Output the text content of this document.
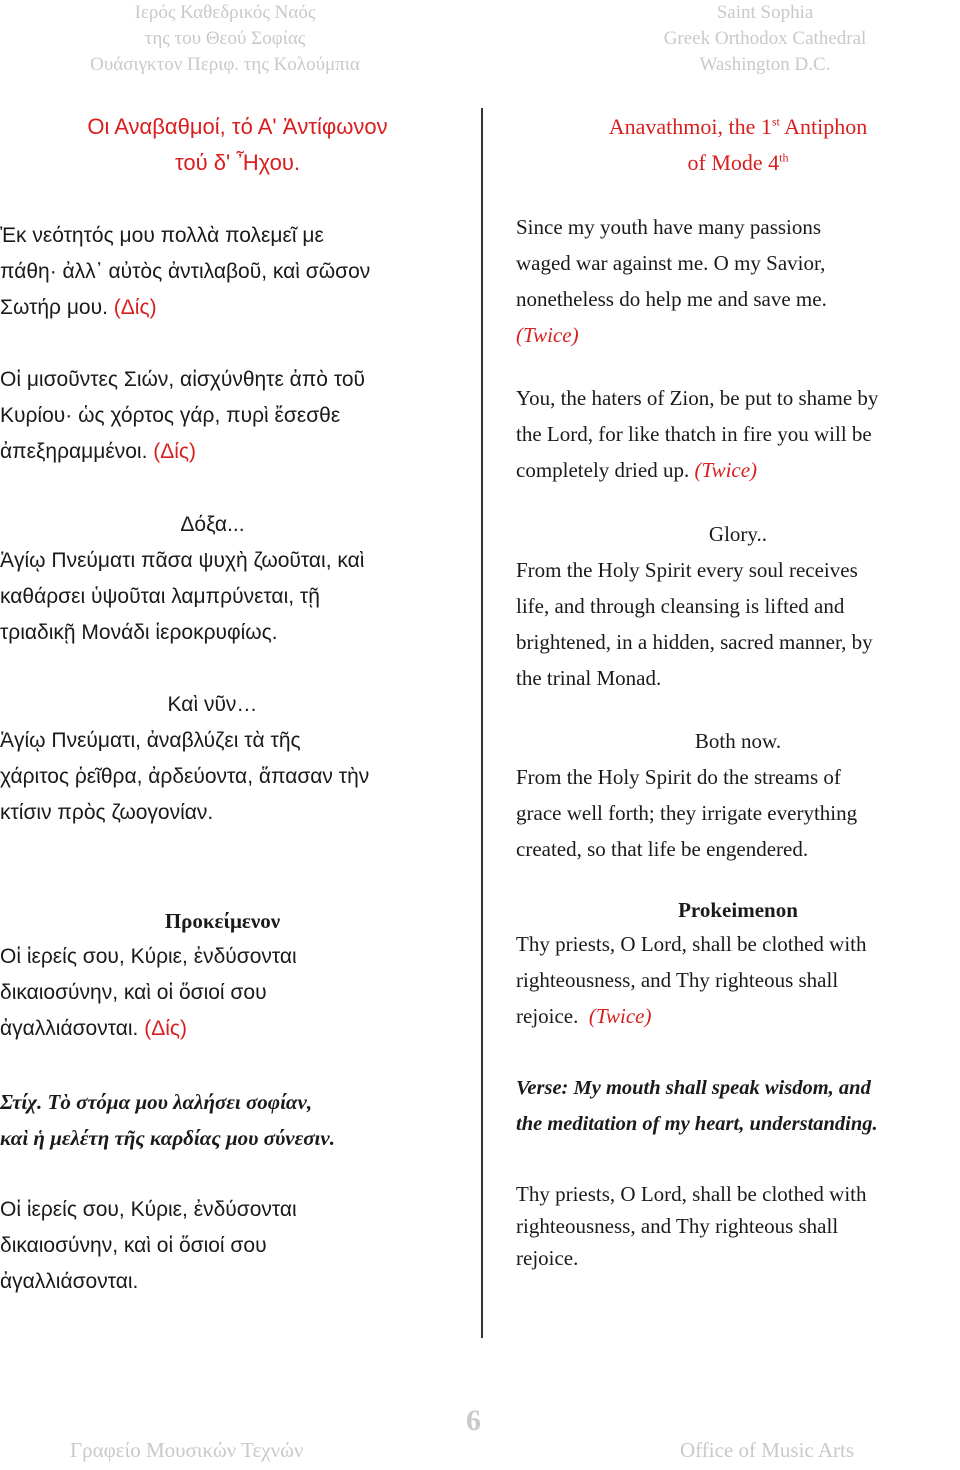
Ιερός Καθεδρικός Ναός
της του Θεού Σοφίας
Ουάσιγκτον Περιφ. της Κολούμπια
Saint Sophia
Greek Orthodox Cathedral
Washington D.C.
Οι Αναβαθμοί, τό Α' Ἀντίφωνον
τού δ' Ἦχου.
Ἐκ νεότητός μου πολλὰ πολεμεῖ με
πάθη· ἀλλ᾽ αὐτὸς ἀντιλαβοῦ, καὶ σῶσον
Σωτήρ μου. (Δίς)
Οἱ μισοῦντες Σιών, αἰσχύνθητε ἀπὸ τοῦ
Κυρίου· ὡς χόρτος γάρ, πυρὶ ἔσεσθε
ἀπεξηραμμένοι. (Δίς)
Δόξα...
Ἁγίῳ Πνεύματι πᾶσα ψυχὴ ζωοῦται, καὶ
καθάρσει ὑψοῦται λαμπρύνεται, τῇ
τριαδικῇ Μονάδι ἱεροκρυφίως.
Καὶ νῦν…
Ἁγίῳ Πνεύματι, ἀναβλύζει τὰ τῆς
χάριτος ῥεῖθρα, ἀρδεύοντα, ἅπασαν τὴν
κτίσιν πρὸς ζωογονίαν.
Προκείμενον
Οἱ ἱερείς σου, Κύριε, ἐνδύσονται
δικαιοσύνην, καὶ οἱ ὅσιοί σου
ἀγαλλιάσονται. (Δίς)
Στίχ. Τὸ στόμα μου λαλήσει σοφίαν,
καὶ ἡ μελέτη τῆς καρδίας μου σύνεσιν.
Οἱ ἱερείς σου, Κύριε, ἐνδύσονται
δικαιοσύνην, καὶ οἱ ὅσιοί σου
ἀγαλλιάσονται.
Anavathmoi, the 1st Antiphon
of Mode 4th
Since my youth have many passions
waged war against me. O my Savior,
nonetheless do help me and save me.
(Twice)
You, the haters of Zion, be put to shame by
the Lord, for like thatch in fire you will be
completely dried up. (Twice)
Glory..
From the Holy Spirit every soul receives
life, and through cleansing is lifted and
brightened, in a hidden, sacred manner, by
the trinal Monad.
Both now.
From the Holy Spirit do the streams of
grace well forth; they irrigate everything
created, so that life be engendered.
Prokeimenon
Thy priests, O Lord, shall be clothed with
righteousness, and Thy righteous shall
rejoice. (Twice)
Verse: My mouth shall speak wisdom, and
the meditation of my heart, understanding.
Thy priests, O Lord, shall be clothed with
righteousness, and Thy righteous shall
rejoice.
6
Γραφείο Μουσικών Τεχνών	Office of Music Arts
